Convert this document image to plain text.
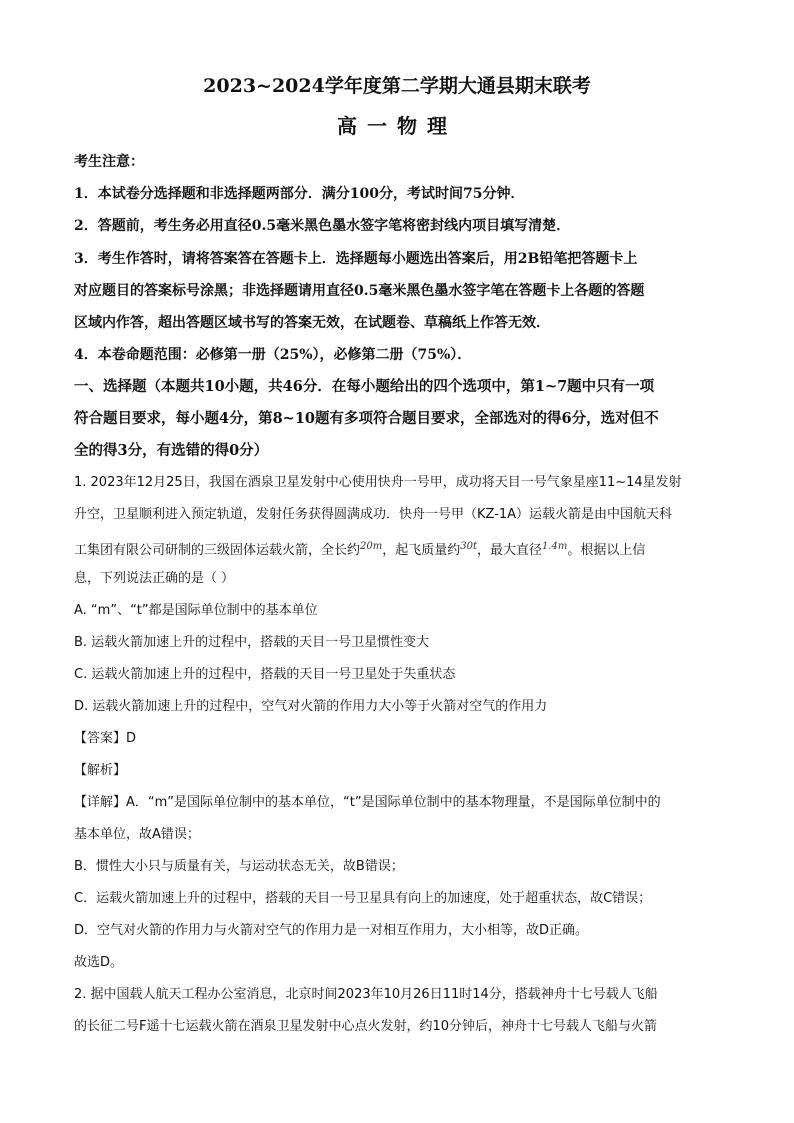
2023~2024学年度第二学期大通县期末联考
高一物理
考生注意：
1．本试卷分选择题和非选择题两部分．满分100分，考试时间75分钟．
2．答题前，考生务必用直径0.5毫米黑色墨水签字笔将密封线内项目填写清楚．
3．考生作答时，请将答案答在答题卡上．选择题每小题选出答案后，用2B铅笔把答题卡上
对应题目的答案标号涂黑；非选择题请用直径0.5毫米黑色墨水签字笔在答题卡上各题的答题
区域内作答，超出答题区域书写的答案无效，在试题卷、草稿纸上作答无效．
4．本卷命题范围：必修第一册（25%），必修第二册（75%）．
一、选择题（本题共10小题，共46分．在每小题给出的四个选项中，第1~7题中只有一项
符合题目要求，每小题4分，第8~10题有多项符合题目要求，全部选对的得6分，选对但不
全的得3分，有选错的得0分）
1. 2023年12月25日，我国在酒泉卫星发射中心使用快舟一号甲，成功将天目一号气象星座11~14星发射
升空，卫星顺利进入预定轨道，发射任务获得圆满成功．快舟一号甲（KZ-1A）运载火箭是由中国航天科
工集团有限公司研制的三级固体运载火箭，全长约$^{20m}$，起飞质量约$^{30t}$，最大直径$^{1.4m}$。根据以上信
息，下列说法正确的是（ ）
A. “m”、“t”都是国际单位制中的基本单位
B. 运载火箭加速上升的过程中，搭载的天目一号卫星惯性变大
C. 运载火箭加速上升的过程中，搭载的天目一号卫星处于失重状态
D. 运载火箭加速上升的过程中，空气对火箭的作用力大小等于火箭对空气的作用力
【答案】D
【解析】
【详解】A．“m”是国际单位制中的基本单位，“t”是国际单位制中的基本物理量，不是国际单位制中的
基本单位，故A错误；
B．惯性大小只与质量有关，与运动状态无关，故B错误；
C．运载火箭加速上升的过程中，搭载的天目一号卫星具有向上的加速度，处于超重状态，故C错误；
D．空气对火箭的作用力与火箭对空气的作用力是一对相互作用力，大小相等，故D正确。
故选D。
2. 据中国载人航天工程办公室消息，北京时间2023年10月26日11时14分，搭载神舟十七号载人飞船
的长征二号F遥十七运载火箭在酒泉卫星发射中心点火发射，约10分钟后，神舟十七号载人飞船与火箭
